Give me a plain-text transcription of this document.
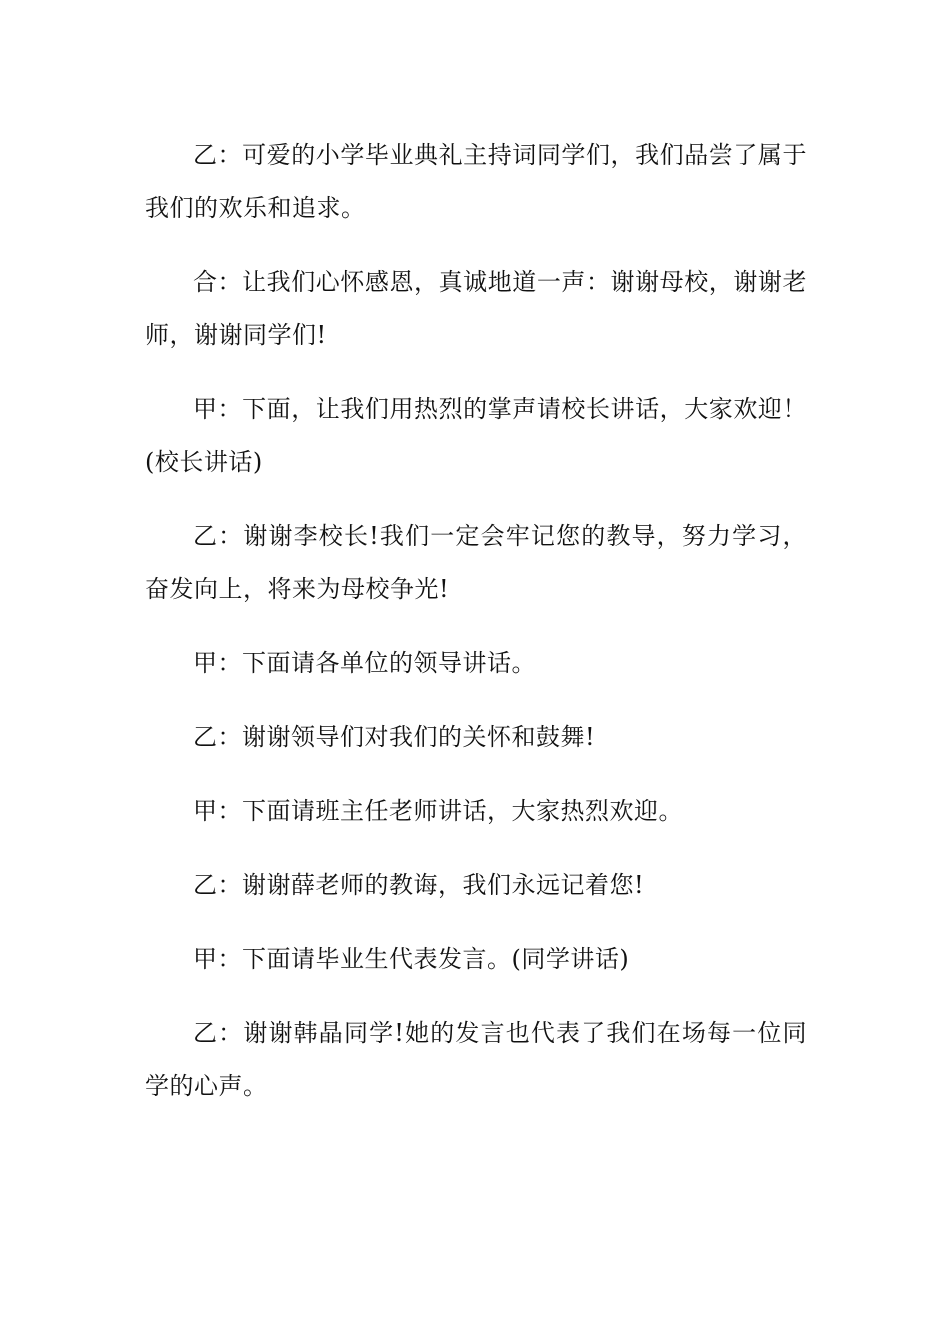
乙：可爱的小学毕业典礼主持词同学们，我们品尝了属于我们的欢乐和追求。

合：让我们心怀感恩，真诚地道一声：谢谢母校，谢谢老师，谢谢同学们!

甲：下面，让我们用热烈的掌声请校长讲话，大家欢迎！(校长讲话)

乙：谢谢李校长!我们一定会牢记您的教导，努力学习，奋发向上，将来为母校争光!

甲：下面请各单位的领导讲话。

乙：谢谢领导们对我们的关怀和鼓舞!

甲：下面请班主任老师讲话，大家热烈欢迎。

乙：谢谢薛老师的教诲，我们永远记着您!

甲：下面请毕业生代表发言。(同学讲话)

乙：谢谢韩晶同学!她的发言也代表了我们在场每一位同学的心声。
